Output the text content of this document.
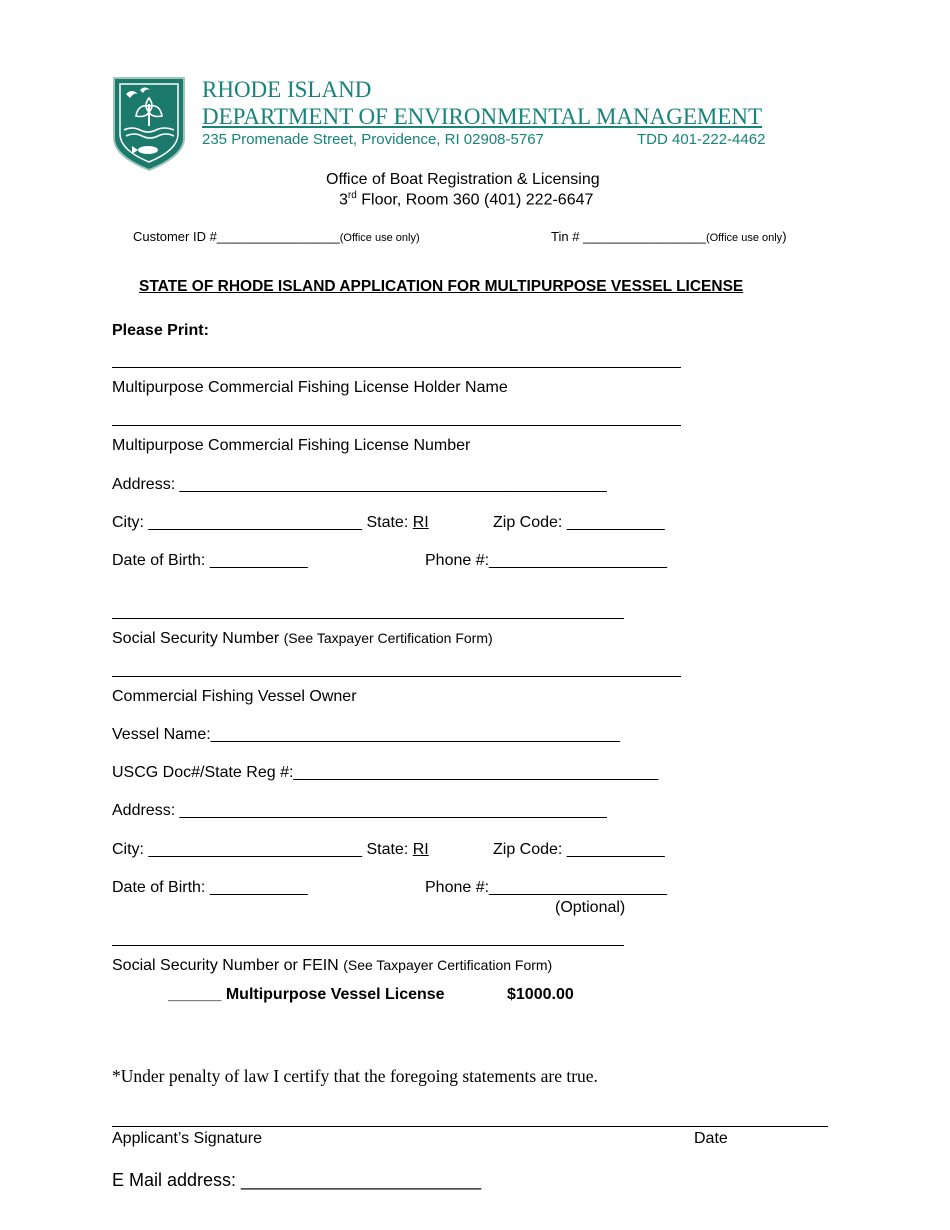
RHODE ISLAND
DEPARTMENT OF ENVIRONMENTAL MANAGEMENT
235 Promenade Street, Providence, RI 02908-5767	TDD 401-222-4462
Office of Boat Registration & Licensing
3rd Floor, Room 360 (401) 222-6647
Customer ID #_________________(Office use only)	Tin # _________________(Office use only)
STATE OF RHODE ISLAND APPLICATION FOR MULTIPURPOSE VESSEL LICENSE
Please Print:
Multipurpose Commercial Fishing License Holder Name
Multipurpose Commercial Fishing License Number
Address: ________________________________________________
City: ________________________ State: RI	Zip Code: ___________
Date of Birth: ___________	Phone #:____________________
Social Security Number (See Taxpayer Certification Form)
Commercial Fishing Vessel Owner
Vessel Name:______________________________________________
USCG Doc#/State Reg #:_________________________________________
Address: ________________________________________________
City: ________________________ State: RI	Zip Code: ___________
Date of Birth: ___________	Phone #:____________________
(Optional)
Social Security Number or FEIN (See Taxpayer Certification Form)
______ Multipurpose Vessel License	$1000.00
*Under penalty of law I certify that the foregoing statements are true.
Applicant’s Signature	Date
E Mail address: ________________________
